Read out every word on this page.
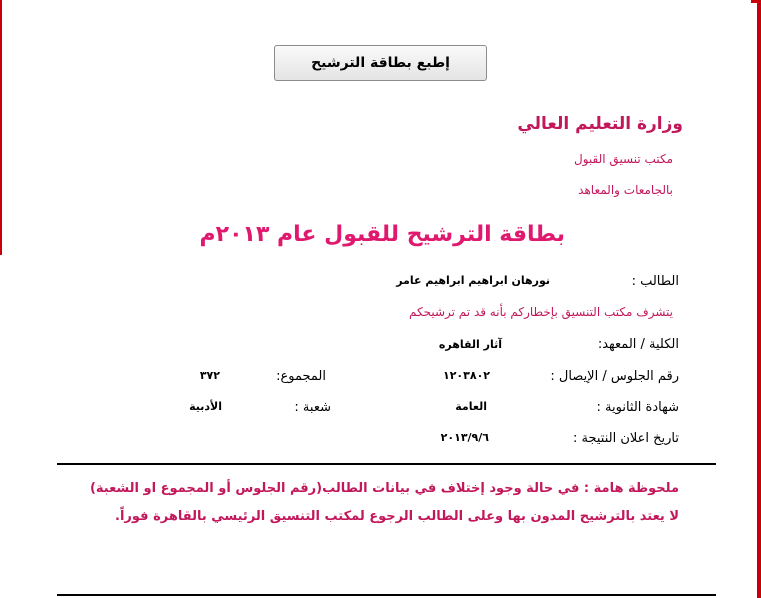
إطبع بطاقة الترشيح
وزارة التعليم العالي
مكتب تنسيق القبول
بالجامعات والمعاهد
بطاقة الترشيح للقبول عام ٢٠١٣م
الطالب :
نورهان ابراهيم ابراهيم عامر
يتشرف مكتب التنسيق بإخطاركم بأنه قد تم ترشيحكم
الكلية / المعهد:
آثار القاهره
رقم الجلوس / الإيصال :
١٢٠٣٨٠٢
المجموع:
٣٧٢
شهادة الثانوية :
العامة
شعبة :
الأدبية
تاريخ اعلان النتيجة :
٢٠١٣/٩/٦
ملحوظة هامة : في حالة وجود إختلاف في بيانات الطالب(رقم الجلوس أو المجموع او الشعبة)
لا يعتد بالترشيح المدون بها وعلى الطالب الرجوع لمكتب التنسيق الرئيسي بالقاهرة فوراً.
